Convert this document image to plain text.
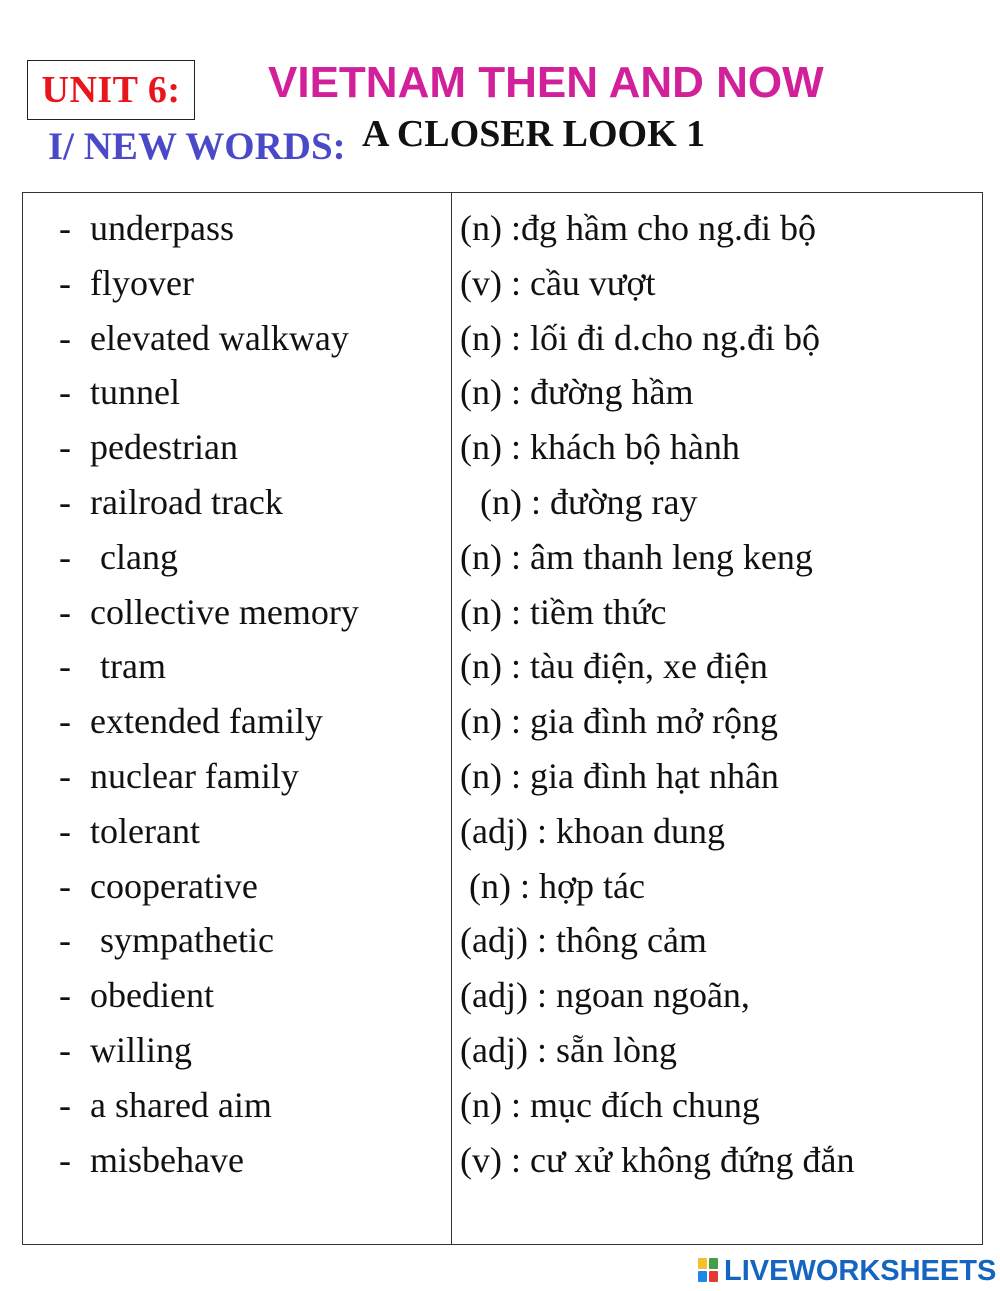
UNIT 6: VIETNAM THEN AND NOW
I/ NEW WORDS: A CLOSER LOOK 1
- underpass	(n) :đg hầm cho ng.đi bộ
- flyover	(v) : cầu vượt
- elevated walkway	(n) : lối đi d.cho ng.đi bộ
- tunnel	(n) : đường hầm
- pedestrian	(n) : khách bộ hành
- railroad track	(n) : đường ray
- clang	(n) : âm thanh leng keng
- collective memory	(n) : tiềm thức
- tram	(n) : tàu điện, xe điện
- extended family	(n) : gia đình mở rộng
- nuclear family	(n) : gia đình hạt nhân
- tolerant	(adj) : khoan dung
- cooperative	(n) : hợp tác
- sympathetic	(adj) : thông cảm
- obedient	(adj) : ngoan ngoãn,
- willing	(adj) : sẵn lòng
- a shared aim	(n) : mục đích chung
- misbehave	(v) : cư xử không đứng đắn
LIVEWORKSHEETS
